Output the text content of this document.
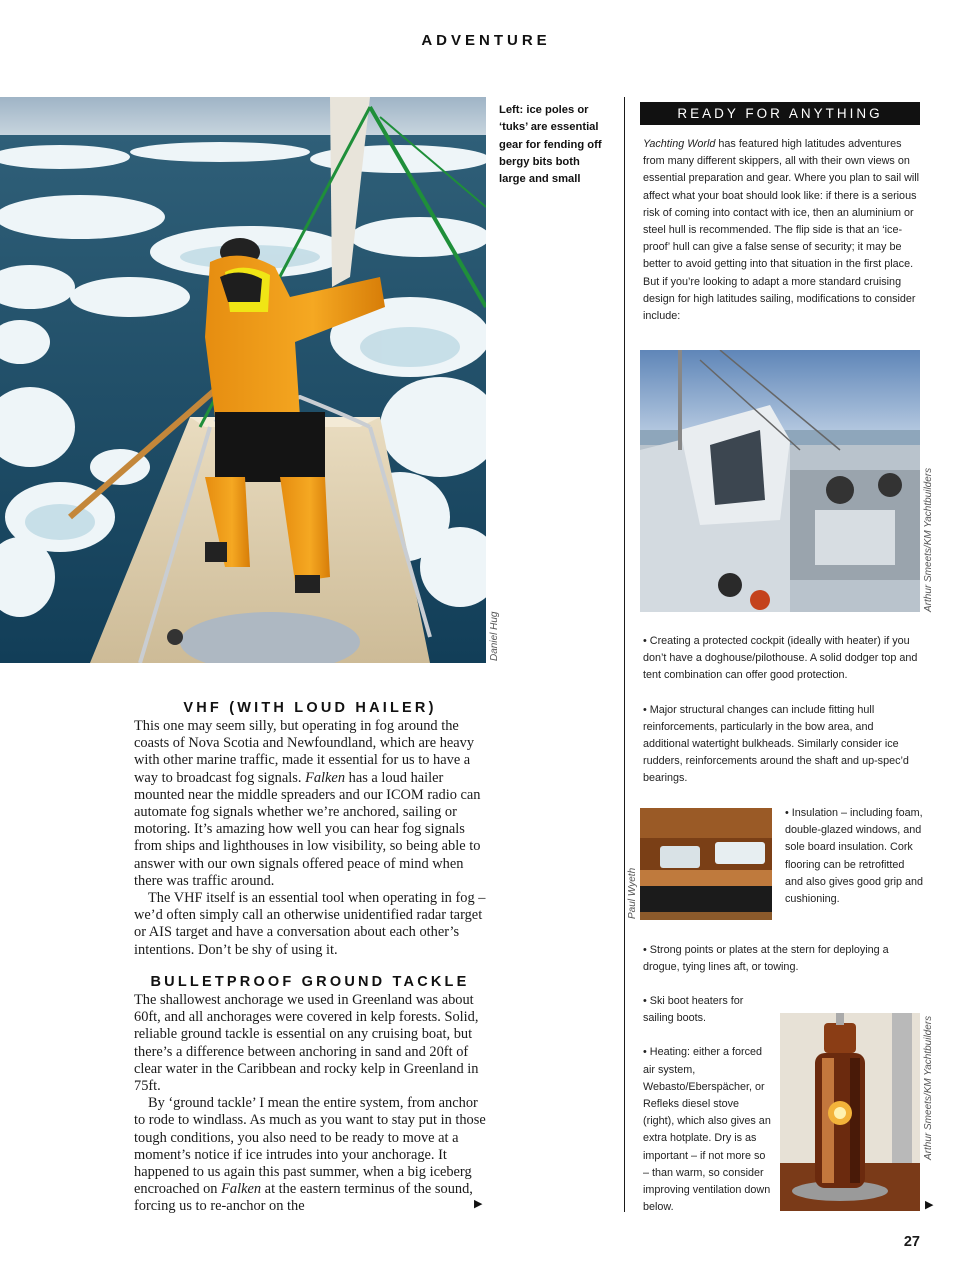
ADVENTURE
Daniel Hug
Left: ice poles or ‘tuks’ are essential gear for fending off bergy bits both large and small
READY FOR ANYTHING

Yachting World has featured high latitudes adventures from many different skippers, all with their own views on essential preparation and gear. Where you plan to sail will affect what your boat should look like: if there is a serious risk of coming into contact with ice, then an aluminium or steel hull is recommended. The flip side is that an ‘ice-proof’ hull can give a false sense of security; it may be better to avoid getting into that situation in the first place. But if you’re looking to adapt a more standard cruising design for high latitudes sailing, modifications to consider include:

Arthur Smeets/KM Yachtbuilders

• Creating a protected cockpit (ideally with heater) if you don’t have a doghouse/pilothouse. A solid dodger top and tent combination can offer good protection.

• Major structural changes can include fitting hull reinforcements, particularly in the bow area, and additional watertight bulkheads. Similarly consider ice rudders, reinforcements around the shaft and up-spec’d bearings.

Paul Wyeth

• Insulation – including foam, double-glazed windows, and sole board insulation. Cork flooring can be retrofitted and also gives good grip and cushioning.

• Strong points or plates at the stern for deploying a drogue, tying lines aft, or towing.

• Ski boot heaters for sailing boots.

• Heating: either a forced air system, Webasto/Eberspächer, or Refleks diesel stove (right), which also gives an extra hotplate. Dry is as important – if not more so – than warm, so consider improving ventilation down below.

Arthur Smeets/KM Yachtbuilders
▶
VHF (WITH LOUD HAILER)

This one may seem silly, but operating in fog around the coasts of Nova Scotia and Newfoundland, which are heavy with other marine traffic, made it essential for us to have a way to broadcast fog signals. Falken has a loud hailer mounted near the middle spreaders and our ICOM radio can automate fog signals whether we’re anchored, sailing or motoring. It’s amazing how well you can hear fog signals from ships and lighthouses in low visibility, so being able to answer with our own signals offered peace of mind when there was traffic around.

The VHF itself is an essential tool when operating in fog – we’d often simply call an otherwise unidentified radar target or AIS target and have a conversation about each other’s intentions. Don’t be shy of using it.

BULLETPROOF GROUND TACKLE

The shallowest anchorage we used in Greenland was about 60ft, and all anchorages were covered in kelp forests. Solid, reliable ground tackle is essential on any cruising boat, but there’s a difference between anchoring in sand and 20ft of clear water in the Caribbean and rocky kelp in Greenland in 75ft.

By ‘ground tackle’ I mean the entire system, from anchor to rode to windlass. As much as you want to stay put in those tough conditions, you also need to be ready to move at a moment’s notice if ice intrudes into your anchorage. It happened to us again this past summer, when a big iceberg encroached on Falken at the eastern terminus of the sound, forcing us to re-anchor on the	▶
27
